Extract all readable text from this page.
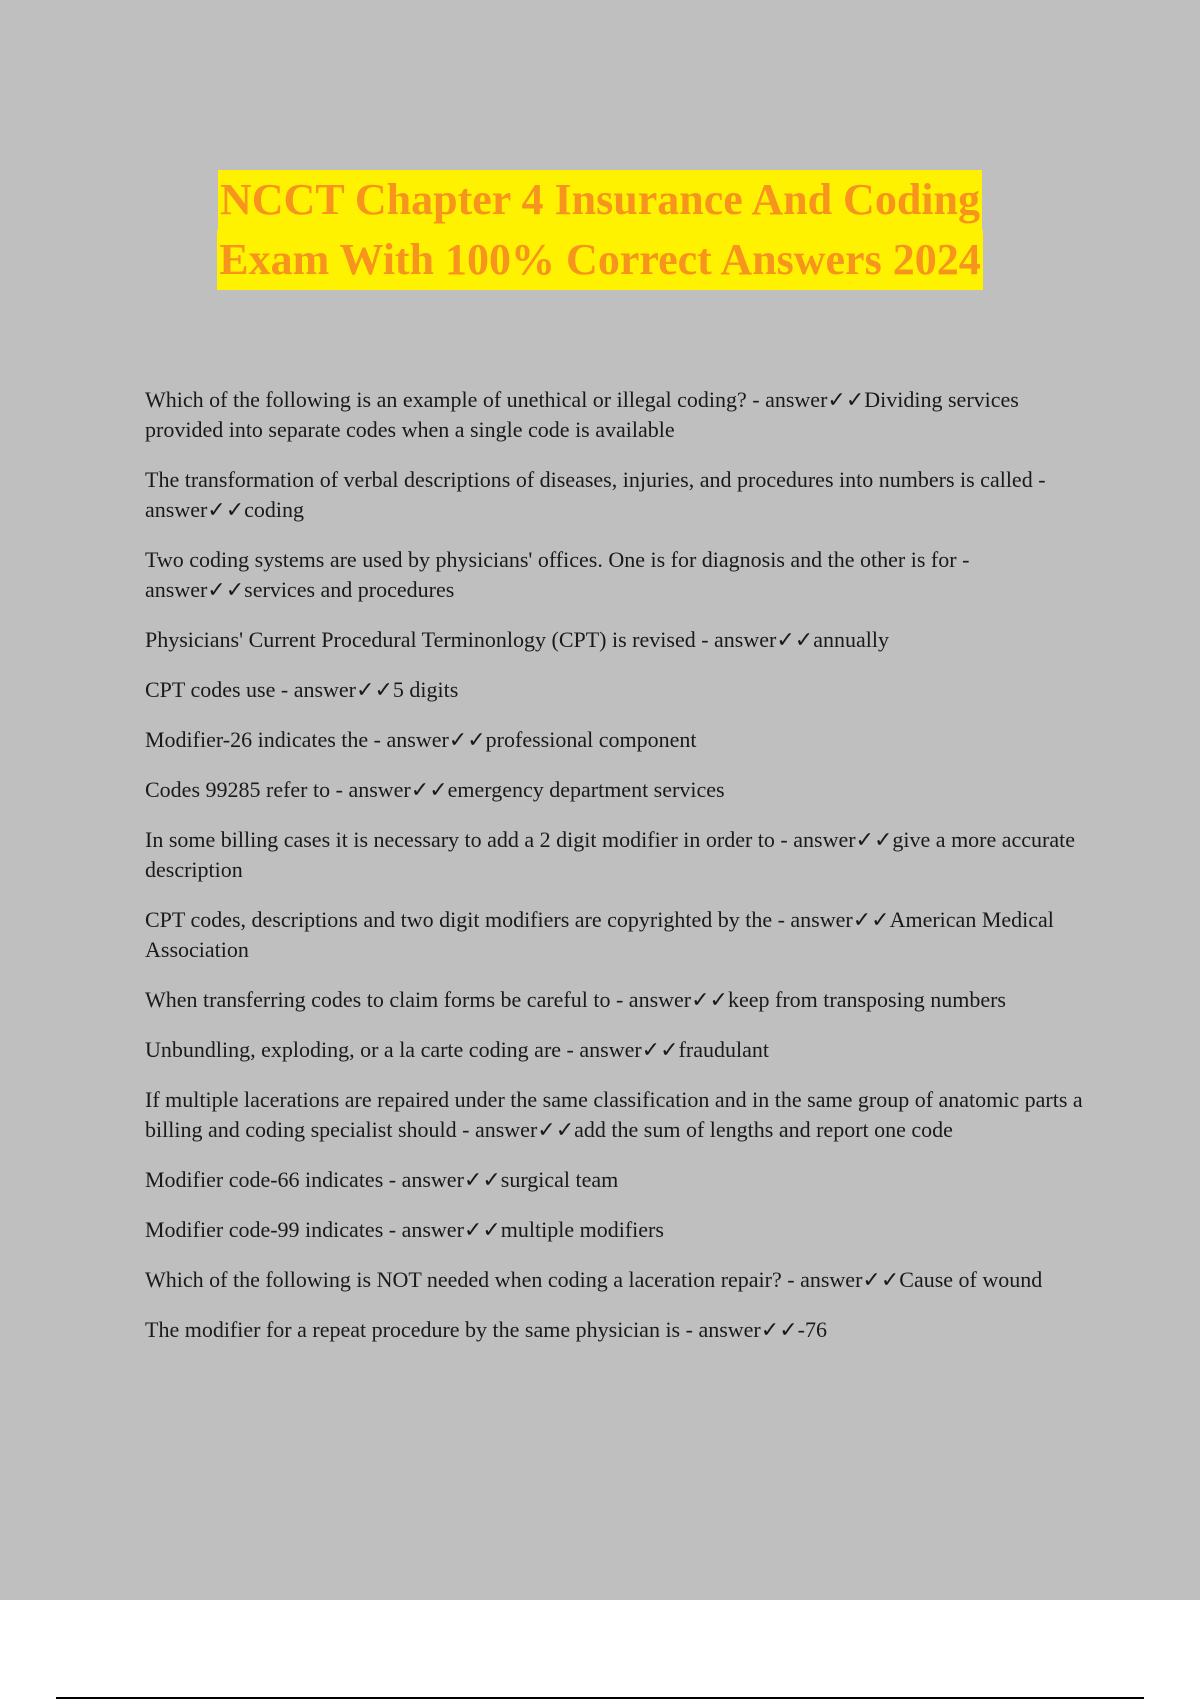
NCCT Chapter 4 Insurance And Coding
Exam With 100% Correct Answers 2024
Which of the following is an example of unethical or illegal coding? - answer✓✓Dividing services provided into separate codes when a single code is available
The transformation of verbal descriptions of diseases, injuries, and procedures into numbers is called - answer✓✓coding
Two coding systems are used by physicians' offices. One is for diagnosis and the other is for - answer✓✓services and procedures
Physicians' Current Procedural Terminonlogy (CPT) is revised - answer✓✓annually
CPT codes use - answer✓✓5 digits
Modifier-26 indicates the - answer✓✓professional component
Codes 99285 refer to - answer✓✓emergency department services
In some billing cases it is necessary to add a 2 digit modifier in order to - answer✓✓give a more accurate description
CPT codes, descriptions and two digit modifiers are copyrighted by the - answer✓✓American Medical Association
When transferring codes to claim forms be careful to - answer✓✓keep from transposing numbers
Unbundling, exploding, or a la carte coding are - answer✓✓fraudulant
If multiple lacerations are repaired under the same classification and in the same group of anatomic parts a billing and coding specialist should - answer✓✓add the sum of lengths and report one code
Modifier code-66 indicates - answer✓✓surgical team
Modifier code-99 indicates - answer✓✓multiple modifiers
Which of the following is NOT needed when coding a laceration repair? - answer✓✓Cause of wound
The modifier for a repeat procedure by the same physician is - answer✓✓-76
